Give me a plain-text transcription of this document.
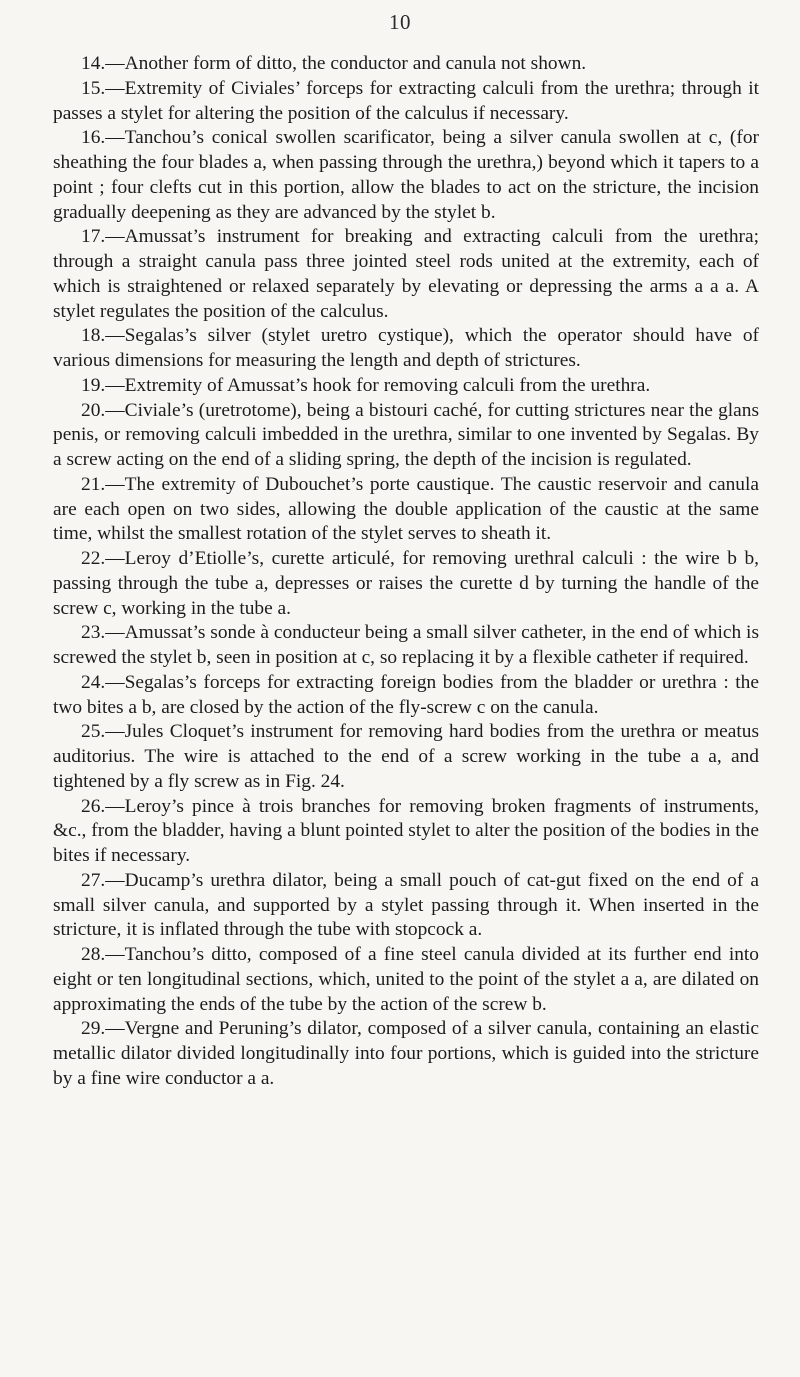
10

14.—Another form of ditto, the conductor and canula not shown.

15.—Extremity of Civiales’ forceps for extracting calculi from the urethra; through it passes a stylet for altering the position of the calculus if necessary.

16.—Tanchou’s conical swollen scarificator, being a silver canula swollen at c, (for sheathing the four blades a, when passing through the urethra,) beyond which it tapers to a point ; four clefts cut in this portion, allow the blades to act on the stricture, the incision gradually deepening as they are advanced by the stylet b.

17.—Amussat’s instrument for breaking and extracting calculi from the urethra; through a straight canula pass three jointed steel rods united at the extremity, each of which is straightened or relaxed separately by elevating or depressing the arms a a a. A stylet regulates the position of the calculus.

18.—Segalas’s silver (stylet uretro cystique), which the operator should have of various dimensions for measuring the length and depth of strictures.

19.—Extremity of Amussat’s hook for removing calculi from the urethra.

20.—Civiale’s (uretrotome), being a bistouri caché, for cutting strictures near the glans penis, or removing calculi imbedded in the urethra, similar to one invented by Segalas. By a screw acting on the end of a sliding spring, the depth of the incision is regulated.

21.—The extremity of Dubouchet’s porte caustique. The caustic reservoir and canula are each open on two sides, allowing the double application of the caustic at the same time, whilst the smallest rotation of the stylet serves to sheath it.

22.—Leroy d’Etiolle’s, curette articulé, for removing urethral calculi : the wire b b, passing through the tube a, depresses or raises the curette d by turning the handle of the screw c, working in the tube a.

23.—Amussat’s sonde à conducteur being a small silver catheter, in the end of which is screwed the stylet b, seen in position at c, so replacing it by a flexible catheter if required.

24.—Segalas’s forceps for extracting foreign bodies from the bladder or urethra : the two bites a b, are closed by the action of the fly-screw c on the canula.

25.—Jules Cloquet’s instrument for removing hard bodies from the urethra or meatus auditorius. The wire is attached to the end of a screw working in the tube a a, and tightened by a fly screw as in Fig. 24.

26.—Leroy’s pince à trois branches for removing broken fragments of instruments, &c., from the bladder, having a blunt pointed stylet to alter the position of the bodies in the bites if necessary.

27.—Ducamp’s urethra dilator, being a small pouch of cat-gut fixed on the end of a small silver canula, and supported by a stylet passing through it. When inserted in the stricture, it is inflated through the tube with stopcock a.

28.—Tanchou’s ditto, composed of a fine steel canula divided at its further end into eight or ten longitudinal sections, which, united to the point of the stylet a a, are dilated on approximating the ends of the tube by the action of the screw b.

29.—Vergne and Peruning’s dilator, composed of a silver canula, containing an elastic metallic dilator divided longitudinally into four portions, which is guided into the stricture by a fine wire conductor a a.
